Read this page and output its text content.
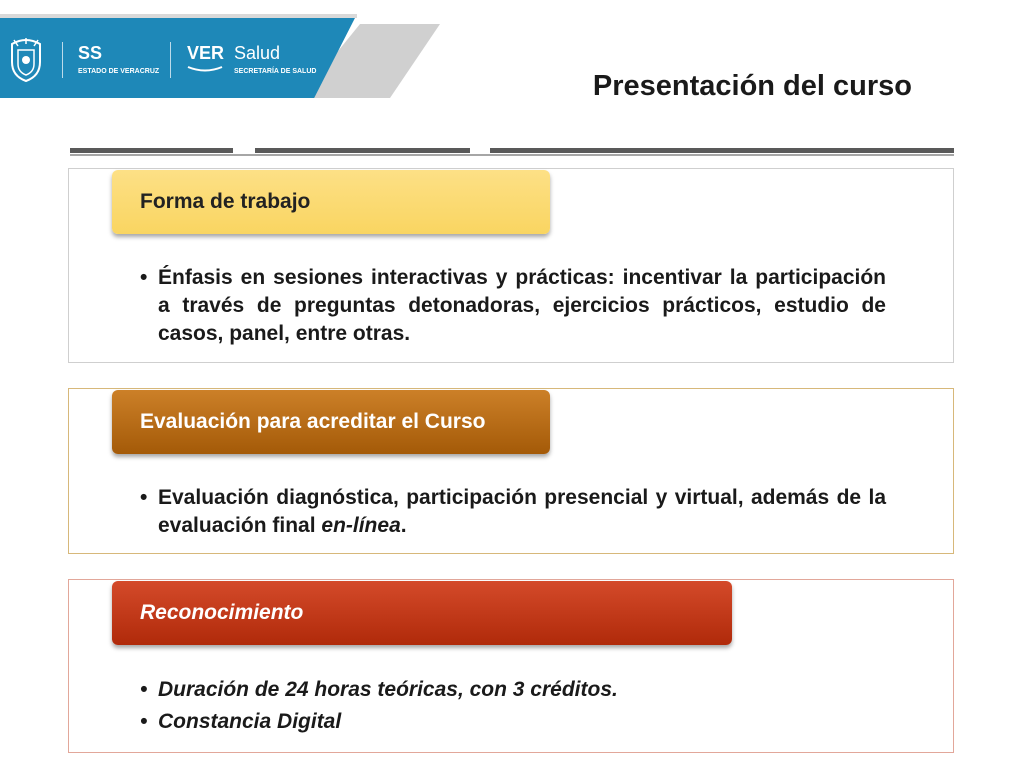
SS
ESTADO DE VERACRUZ
VER Salud
SECRETARÍA DE SALUD	Presentación del curso
Forma de trabajo
• Énfasis en sesiones interactivas y prácticas: incentivar la participación a través de preguntas detonadoras, ejercicios prácticos, estudio de casos, panel, entre otras.
Evaluación para acreditar el Curso
• Evaluación diagnóstica, participación presencial y virtual, además de la evaluación final en-línea.
Reconocimiento
• Duración de 24 horas teóricas, con 3 créditos.
• Constancia Digital
